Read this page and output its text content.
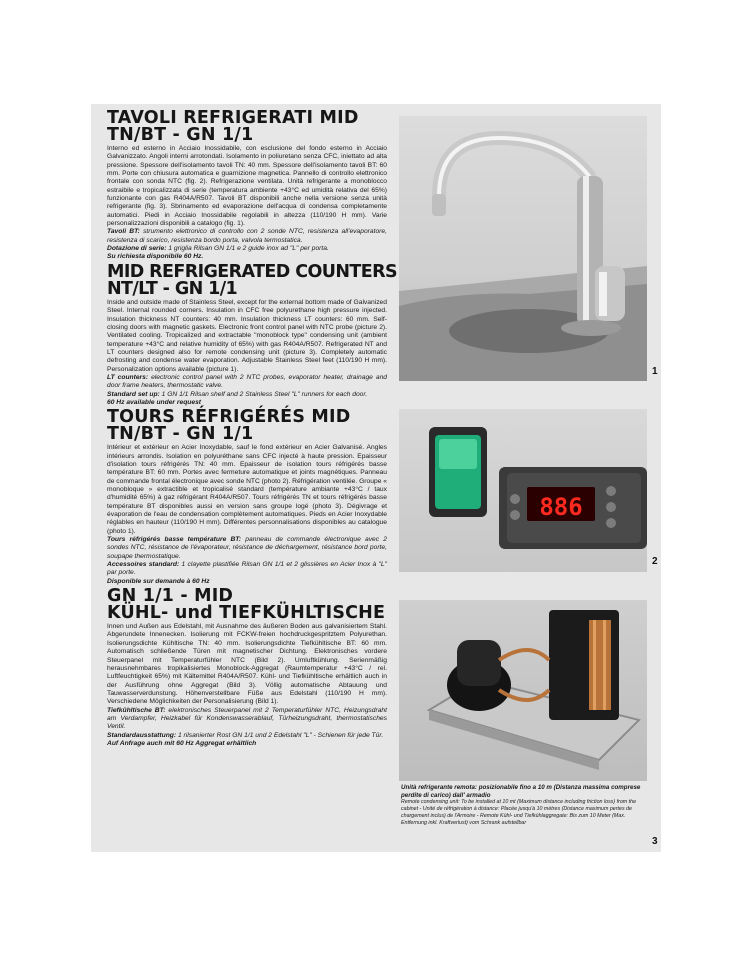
TAVOLI REFRIGERATI MID
TN/BT - GN 1/1

Interno ed esterno in Acciaio Inossidabile, con esclusione del fondo esterno in Acciaio Galvanizzato. Angoli interni arrotondati. Isolamento in poliuretano senza CFC, iniettato ad alta pressione. Spessore dell'isolamento tavoli TN: 40 mm. Spessore dell'isolamento tavoli BT: 60 mm. Porte con chiusura automatica e guarnizione magnetica. Pannello di controllo elettronico frontale con sonda NTC (fig. 2). Refrigerazione ventilata. Unità refrigerante a monoblocco estraibile e tropicalizzata di serie (temperatura ambiente +43°C ed umidità relativa del 65%) funzionante con gas R404A/R507. Tavoli BT disponibili anche nella versione senza unità refrigerante (fig. 3). Sbrinamento ed evaporazione dell'acqua di condensa completamente automatici. Piedi in Acciaio Inossidabile regolabili in altezza (110/190 H mm). Varie personalizzazioni disponibili a catalogo (fig. 1).
Tavoli BT: strumento elettronico di controllo con 2 sonde NTC, resistenza all'evaporatore, resistenza di scarico, resistenza bordo porta, valvola termostatica.
Dotazione di serie: 1 griglia Rilsan GN 1/1 e 2 guide inox ad "L" per porta.
Su richiesta disponibile 60 Hz.

MID REFRIGERATED COUNTERS
NT/LT - GN 1/1

Inside and outside made of Stainless Steel, except for the external bottom made of Galvanized Steel. Internal rounded corners. Insulation in CFC free polyurethane high pressure injected. Insulation thickness NT counters: 40 mm. Insulation thickness LT counters: 60 mm. Self-closing doors with magnetic gaskets. Electronic front control panel with NTC probe (picture 2). Ventilated cooling. Tropicalized and extractable "monoblock type" condensing unit (ambient temperature +43°C and relative humidity of 65%) with gas R404A/R507. Refrigerated NT and LT counters designed also for remote condensing unit (picture 3). Completely automatic defrosting and condense water evaporation. Adjustable Stainless Steel feet (110/190 H mm). Personalization options available (picture 1).
LT counters: electronic control panel with 2 NTC probes, evaporator heater, drainage and door frame heaters, thermostatic valve.
Standard set up: 1 GN 1/1 Rilsan shelf and 2 Stainless Steel "L" runners for each door.
60 Hz available under request

TOURS RÉFRIGÉRÉS MID
TN/BT - GN 1/1

Intérieur et extérieur en Acier Inoxydable, sauf le fond extérieur en Acier Galvanisé. Angles intérieurs arrondis. Isolation en polyuréthane sans CFC injecté à haute pression. Epaisseur d'isolation tours réfrigérés TN: 40 mm. Epaisseur de isolation tours réfrigérés basse température BT: 60 mm. Portes avec fermeture automatique et joints magnétiques. Panneau de commande frontal électronique avec sonde NTC (photo 2). Réfrigération ventilée. Groupe « monobloque » extractible et tropicalisé standard (température ambiante +43°C / taux d'humidité 65%) à gaz réfrigérant R404A/R507. Tours réfrigérés TN et tours réfrigérés basse température BT disponibles aussi en version sans groupe logé (photo 3). Dégivrage et évaporation de l'eau de condensation complètement automatiques. Pieds en Acier Inoxydable réglables en hauteur (110/190 H mm). Différentes personnalisations disponibles au catalogue (photo 1).
Tours réfrigérés basse température BT: panneau de commande électronique avec 2 sondes NTC, résistance de l'évaporateur, résistance de déchargement, résistance bord porte, soupape thermostatique.
Accessoires standard: 1 clayette plastifiée Rilsan GN 1/1 et 2 glissières en Acier Inox à "L" par porte.
Disponible sur demande à 60 Hz

GN 1/1 - MID
KÜHL- und TIEFKÜHLTISCHE

Innen und Außen aus Edelstahl, mit Ausnahme des äußeren Boden aus galvanisiertem Stahl. Abgerundete Innenecken. Isolierung mit FCKW-freien hochdruckgespritztem Polyurethan. Isolierungsdichte Kühltische TN: 40 mm. Isolierungsdichte Tiefkühltische BT: 60 mm. Automatisch schließende Türen mit magnetischer Dichtung. Elektronisches vordere Steuerpanel mit Temperaturfühler NTC (Bild 2). Umluftkühlung. Serienmäßig herausnehmbares tropikalisiertes Monoblock-Aggregat (Raumtemperatur +43°C / rel. Luftfeuchtigkeit 65%) mit Kältemittel R404A/R507. Kühl- und Tiefkühltische erhältlich auch in der Ausführung ohne Aggregat (Bild 3). Völlig automatische Abtauung und Tauwasserverdunstung. Höhenverstellbare Füße aus Edelstahl (110/190 H mm). Verschiedene Möglichkeiten der Personalisierung (Bild 1).
Tiefkühltische BT: elektronisches Steuerpanel mit 2 Temperaturfühler NTC, Heizungsdraht am Verdampfer, Heizkabel für Kondenswasserablauf, Türheizungsdraht, thermostatisches Ventil.
Standardausstattung: 1 rilsanierter Rost GN 1/1 und 2 Edelstahl "L" - Schienen für jede Tür.
Auf Anfrage auch mit 60 Hz Aggregat erhältlich

1
886
2
3

Unità refrigerante remota: posizionabile fino a 10 m (Distanza massima comprese perdite di carico) dall' armadio

Remote condensing unit: To be installed at 10 mt (Maximum distance including friction loss) from the cabinet - Unité de réfrigération à distance: Placée jusqu'à 10 mètres (Distance maximum pertes de chargement inclus) de l'Armoire - Remote Kühl- und Tiefkühlaggregate: Bis zum 10 Meter (Max. Entfernung inkl. Kraftverlust) vom Schrank aufstellbar
